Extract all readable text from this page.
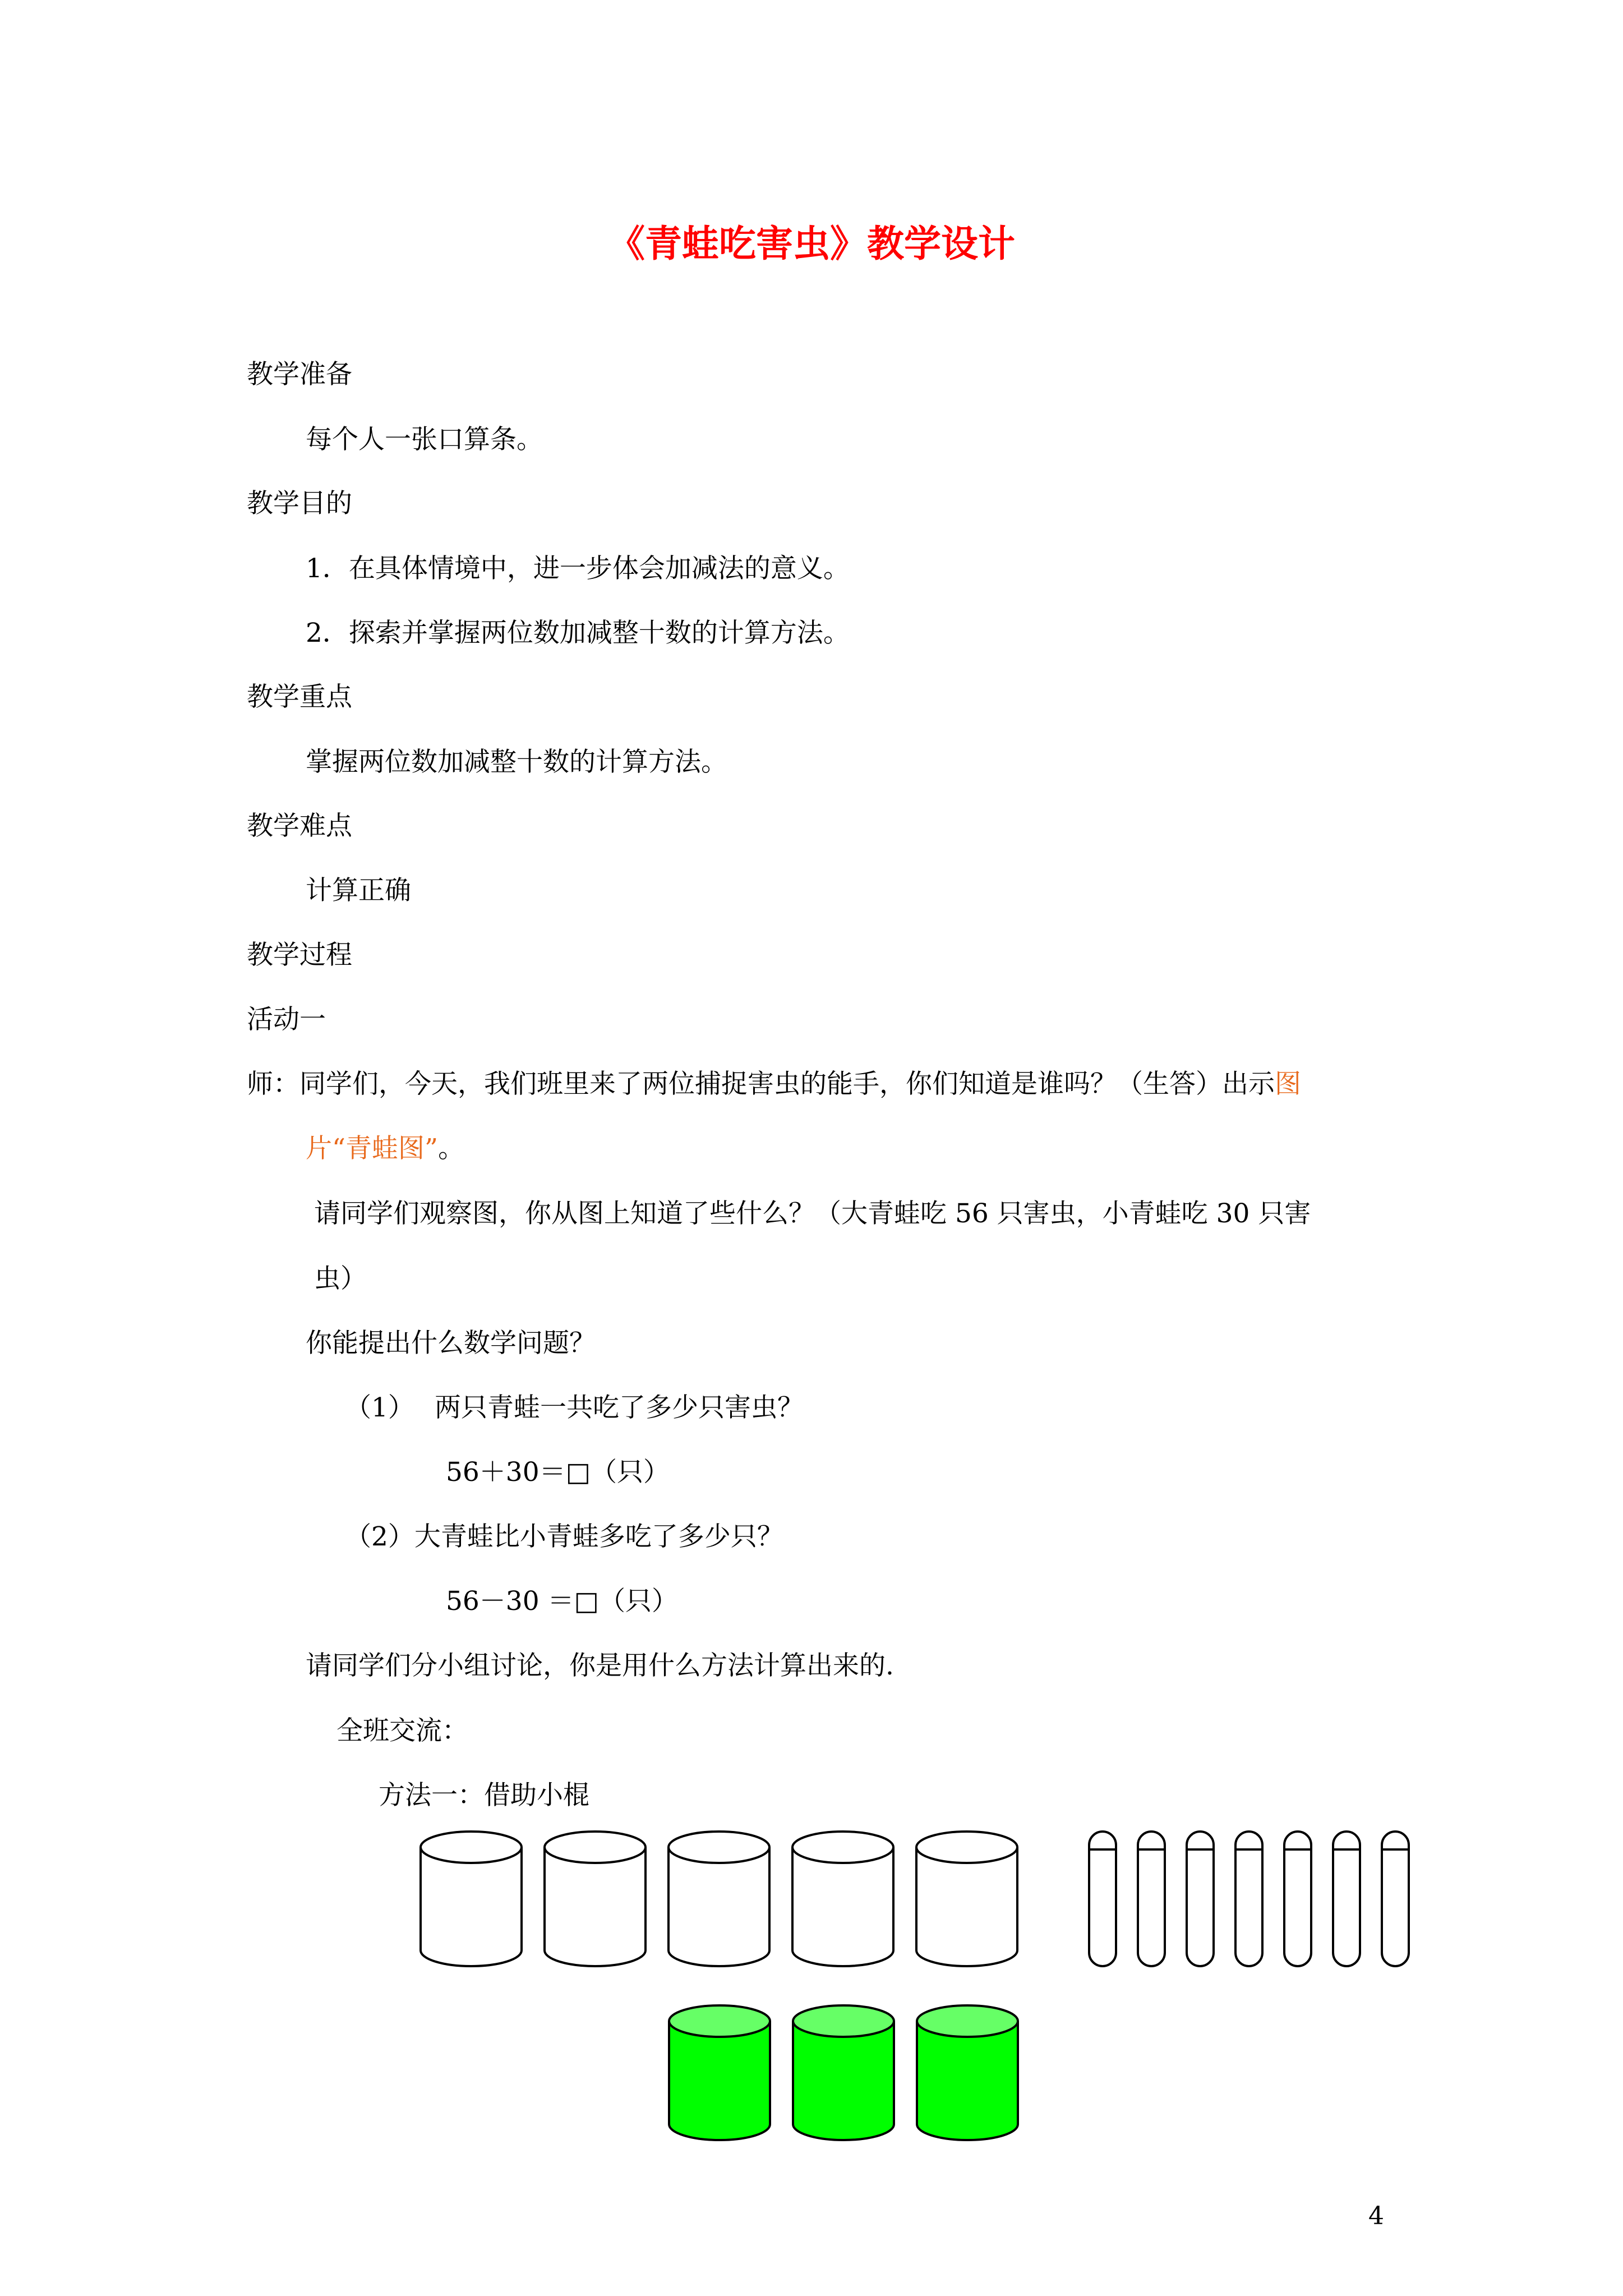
《青蛙吃害虫》教学设计
教学准备
每个人一张口算条。
教学目的
1．在具体情境中，进一步体会加减法的意义。
2．探索并掌握两位数加减整十数的计算方法。
教学重点
掌握两位数加减整十数的计算方法。
教学难点
计算正确
教学过程
活动一
师：同学们，今天，我们班里来了两位捕捉害虫的能手，你们知道是谁吗？（生答）出示图
片“青蛙图”。
请同学们观察图，你从图上知道了些什么？（大青蛙吃 56 只害虫，小青蛙吃 30 只害
虫）
你能提出什么数学问题？
（1） 两只青蛙一共吃了多少只害虫？
56＋30＝□（只）
（2）大青蛙比小青蛙多吃了多少只？
56－30 ＝□（只）
请同学们分小组讨论，你是用什么方法计算出来的.
全班交流：
方法一：借助小棍
4
